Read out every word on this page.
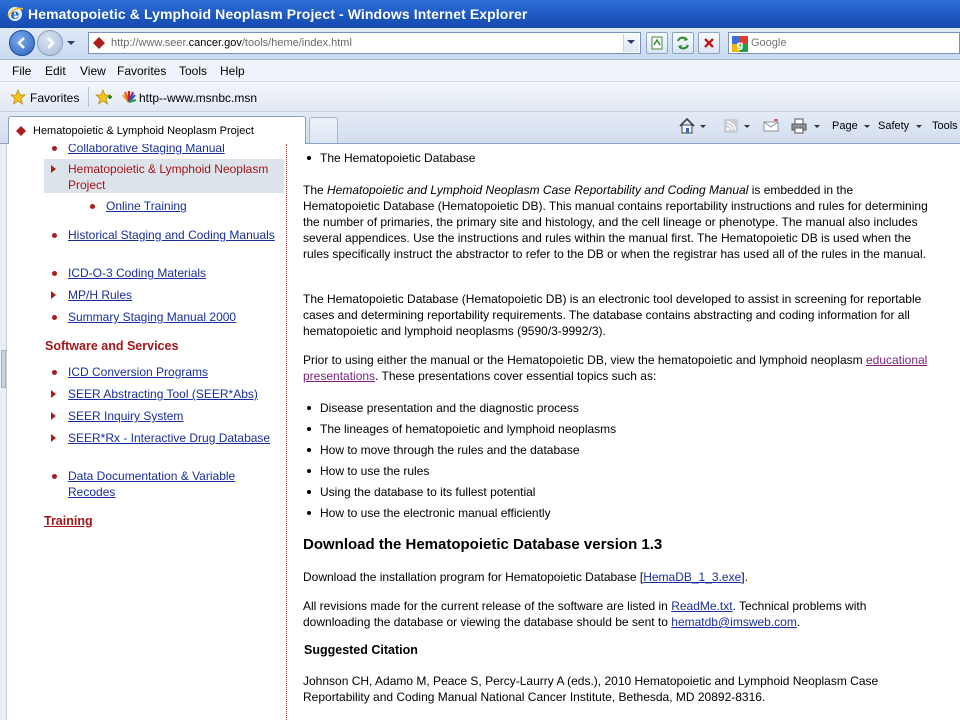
e Hematopoietic & Lymphoid Neoplasm Project - Windows Internet Explorer
http://www.seer.cancer.gov/tools/heme/index.html	g
Google
File Edit View Favorites Tools Help
Favorites	http--www.msnbc.msn
Hematopoietic & Lymphoid Neoplasm Project	Page Safety Tools
Collaborative Staging Manual
Hematopoietic & Lymphoid Neoplasm Project
Online Training
Historical Staging and Coding Manuals
ICD-O-3 Coding Materials
MP/H Rules
Summary Staging Manual 2000
Software and Services
ICD Conversion Programs
SEER Abstracting Tool (SEER*Abs)
SEER Inquiry System
SEER*Rx - Interactive Drug Database
Data Documentation & Variable Recodes
Training
The Hematopoietic Database

The Hematopoietic and Lymphoid Neoplasm Case Reportability and Coding Manual is embedded in the Hematopoietic Database (Hematopoietic DB). This manual contains reportability instructions and rules for determining the number of primaries, the primary site and histology, and the cell lineage or phenotype. The manual also includes several appendices. Use the instructions and rules within the manual first. The Hematopoietic DB is used when the rules specifically instruct the abstractor to refer to the DB or when the registrar has used all of the rules in the manual.

The Hematopoietic Database (Hematopoietic DB) is an electronic tool developed to assist in screening for reportable cases and determining reportability requirements. The database contains abstracting and coding information for all hematopoietic and lymphoid neoplasms (9590/3-9992/3).

Prior to using either the manual or the Hematopoietic DB, view the hematopoietic and lymphoid neoplasm educational presentations. These presentations cover essential topics such as:

Disease presentation and the diagnostic process
The lineages of hematopoietic and lymphoid neoplasms
How to move through the rules and the database
How to use the rules
Using the database to its fullest potential
How to use the electronic manual efficiently
Download the Hematopoietic Database version 1.3

Download the installation program for Hematopoietic Database [HemaDB_1_3.exe].

All revisions made for the current release of the software are listed in ReadMe.txt. Technical problems with downloading the database or viewing the database should be sent to hematdb@imsweb.com.

Suggested Citation

Johnson CH, Adamo M, Peace S, Percy-Laurry A (eds.), 2010 Hematopoietic and Lymphoid Neoplasm Case Reportability and Coding Manual National Cancer Institute, Bethesda, MD 20892-8316.
